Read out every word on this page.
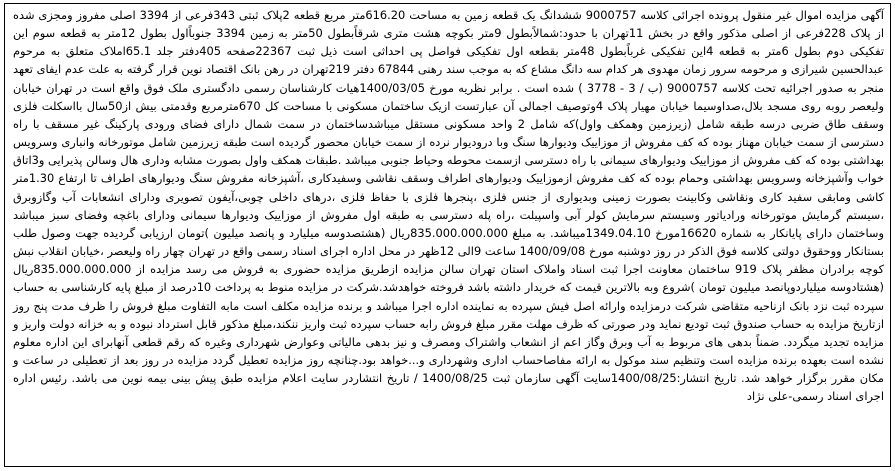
آگهی مزایده اموال غیر منقول پرونده اجرائی کلاسه 9000757 ششدانگ یک قطعه زمین به مساحت 616.20متر مربع قطعه 2پلاک ثبتی 343فرعی از 3394 اصلی مفروز ومجزی شده از پلاک 228فرعی از اصلی مذکور واقع در بخش 11تهران با حدود:شمالاًبطول 9متر بکوچه هشت متری شرقاًبطول 50متر به زمین 3394 جنوباًاول بطول 12متر به قطعه سوم این تفکیکی دوم بطول 6متر به قطعه 4این تفکیکی غرباًبطول 48متر بقطعه اول تفکیکی فواصل پی احداثی است ذیل ثبت 22367صفحه 405دفتر جلد 65.1املاک متعلق به مرحوم عبدالحسین شیرازی و مرحومه سرور زمان مهدوی هر کدام سه دانگ مشاع که به موجب سند رهنی 67844 دفتر 219تهران در رهن بانک اقتصاد نوین قرار گرفته به علت عدم ایفای تعهد منجر به صدور اجرائیه تحت کلاسه 9000757 (ب / 3 - 3778 ) شده است . برابر نظریه مورخ 1400/03/05هیات کارشناسان رسمی دادگستری ملک فوق واقع است در تهران خیابان ولیعصر روبه روی مسجد بلال،صداوسیما خیابان مهیار پلاک 4وتوصیف اجمالی آن عبارتست ازیک ساختمان مسکونی با مساحت کل 670مترمربع وقدمتی بیش از50سال بااسکلت فلزی وسقف طاق ضربی درسه طبقه شامل (زیرزمین وهمکف واول)که شامل 2 واحد مسکونی مستقل میباشدساختمان در سمت شمال دارای فضای ورودی پارکینگ غیر مسقف با راه دسترسی از سمت خیابان مهناز بوده که کف مفروش از موزاییک ودیوارها سنگ وبا درودیوار نرده از سمت خیابان محصور گردیده است طبقه زیرزمین شامل موتورخانه وانباری وسرویس بهداشتی بوده که کف مفروش از موزاییک ودیوارهای سیمانی با راه دسترسی ازسمت محوطه وحیاط جنوبی میباشد .طبقات همکف واول بصورت مشابه وداری هال وسالن پذیرایی و3اتاق خواب وآشپزخانه وسرویس بهداشتی وحمام بوده که کف مفروش ازموزاییک ودیوارهای اطراف وسقف نقاشی وسفیدکاری ،آشپزخانه مفروش سنگ ودیوارهای اطراف تا ارتفاع 1.30متر کاشی ومابقی سفید کاری ونقاشی وکابینت بصورت زمینی وبدیواری از جنس فلزی ،پنجرها فلزی با حفاظ فلزی ،درهای داخلی چوبی،آیفون تصویری ودارای انشعابات آب وگازوبرق ،سیستم گرمایش موتورخانه ورادیاتور وسیستم سرمایش کولر آبی واسپیلت ،راه پله دسترسی به طبقه اول مفروش از موزاییک ودیوارها سیمانی ودارای باغچه وفضای سبز میباشد وساختمان دارای پایانکار به شماره 16620مورخ 1349.04.10میباشد. به مبلغ 835.000.000.000ریال (هشتصدوسه میلیارد و پانصد میلیون )تومان ارزیابی گردیده جهت وصول طلب بستانکار ووحقوق دولتی کلاسه فوق الذکر در روز دوشنبه مورخ 1400/09/08 ساعت 9الی 12ظهر در محل اداره اجرای اسناد رسمی واقع در تهران چهار راه ولیعصر ،خیابان انقلاب نبش کوچه برادران مظفر پلاک 919 ساختمان معاونت اجرا ثبت اسناد واملاک استان تهران سالن مزایده ازطریق مزایده حضوری به فروش می رسد مزایده از 835.000.000.000ریال (هشتادوسه میلیاردوپانصد میلیون تومان )شروع وبه بالاترین قیمت که خریدار داشته باشد فروخته خواهدشد.شرکت در مزایده منوط به پرداخت 10درصد از مبلغ پایه کارشناسی به حساب سپرده ثبت نزد بانک ازناحیه متقاضی شرکت درمزایده وارائه اصل فیش سپرده به نماینده اداره اجرا میباشد و برنده مزایده مکلف است مابه التفاوت مبلغ فروش را ظرف مدت پنج روز ازتاریخ مزایده به حساب صندوق ثبت تودیع نماید ودر صورتی که ظرف مهلت مقرر مبلغ فروش رابه حساب سپرده ثبت واریز ننکند،مبلغ مذکور قابل استرداد نبوده و به خزانه دولت واریز و مزایده تجدید میگردد. ضمناً بدهی های مربوط به آب وبرق وگاز اعم از انشعاب واشتراک ومصرف و نیز بدهی مالیاتی وعوارض شهرداری وغیره که رقم قطعی آنهابرای این اداره معلوم نشده است بعهده برنده مزایده است وتنظیم سند موکول به ارائه مفاصاحساب اداری وشهرداری و...خواهد بود.چنانچه روز مزایده تعطیل گردد مزایده در روز بعد از تعطیلی در ساعت و مکان مقرر برگزار خواهد شد. تاریخ انتشار:1400/08/25سایت آگهی سازمان ثبت 1400/08/25 / تاریخ انتشاردر سایت اعلام مزایده طبق پیش بینی بیمه نوین می باشد. رئیس اداره اجرای اسناد رسمی-علی نژاد
